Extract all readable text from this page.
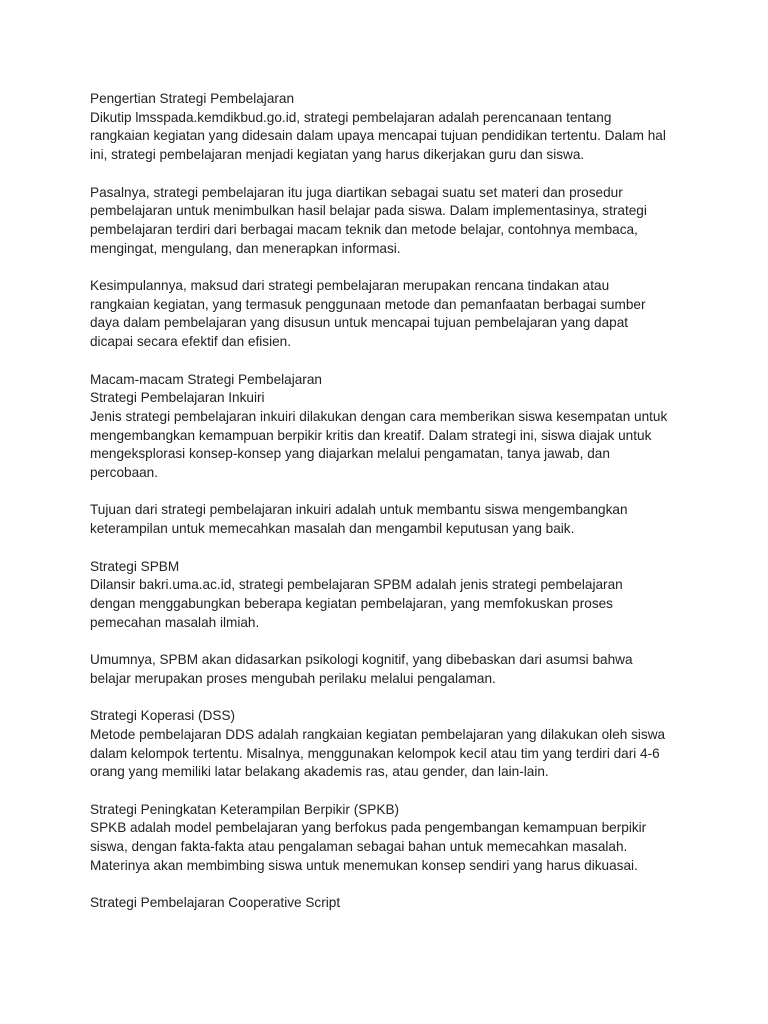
Pengertian Strategi Pembelajaran
Dikutip lmsspada.kemdikbud.go.id, strategi pembelajaran adalah perencanaan tentang
rangkaian kegiatan yang didesain dalam upaya mencapai tujuan pendidikan tertentu. Dalam hal
ini, strategi pembelajaran menjadi kegiatan yang harus dikerjakan guru dan siswa.
Pasalnya, strategi pembelajaran itu juga diartikan sebagai suatu set materi dan prosedur
pembelajaran untuk menimbulkan hasil belajar pada siswa. Dalam implementasinya, strategi
pembelajaran terdiri dari berbagai macam teknik dan metode belajar, contohnya membaca,
mengingat, mengulang, dan menerapkan informasi.
Kesimpulannya, maksud dari strategi pembelajaran merupakan rencana tindakan atau
rangkaian kegiatan, yang termasuk penggunaan metode dan pemanfaatan berbagai sumber
daya dalam pembelajaran yang disusun untuk mencapai tujuan pembelajaran yang dapat
dicapai secara efektif dan efisien.
Macam-macam Strategi Pembelajaran
Strategi Pembelajaran Inkuiri
Jenis strategi pembelajaran inkuiri dilakukan dengan cara memberikan siswa kesempatan untuk
mengembangkan kemampuan berpikir kritis dan kreatif. Dalam strategi ini, siswa diajak untuk
mengeksplorasi konsep-konsep yang diajarkan melalui pengamatan, tanya jawab, dan
percobaan.
Tujuan dari strategi pembelajaran inkuiri adalah untuk membantu siswa mengembangkan
keterampilan untuk memecahkan masalah dan mengambil keputusan yang baik.
Strategi SPBM
Dilansir bakri.uma.ac.id, strategi pembelajaran SPBM adalah jenis strategi pembelajaran
dengan menggabungkan beberapa kegiatan pembelajaran, yang memfokuskan proses
pemecahan masalah ilmiah.
Umumnya, SPBM akan didasarkan psikologi kognitif, yang dibebaskan dari asumsi bahwa
belajar merupakan proses mengubah perilaku melalui pengalaman.
Strategi Koperasi (DSS)
Metode pembelajaran DDS adalah rangkaian kegiatan pembelajaran yang dilakukan oleh siswa
dalam kelompok tertentu. Misalnya, menggunakan kelompok kecil atau tim yang terdiri dari 4-6
orang yang memiliki latar belakang akademis ras, atau gender, dan lain-lain.
Strategi Peningkatan Keterampilan Berpikir (SPKB)
SPKB adalah model pembelajaran yang berfokus pada pengembangan kemampuan berpikir
siswa, dengan fakta-fakta atau pengalaman sebagai bahan untuk memecahkan masalah.
Materinya akan membimbing siswa untuk menemukan konsep sendiri yang harus dikuasai.
Strategi Pembelajaran Cooperative Script
